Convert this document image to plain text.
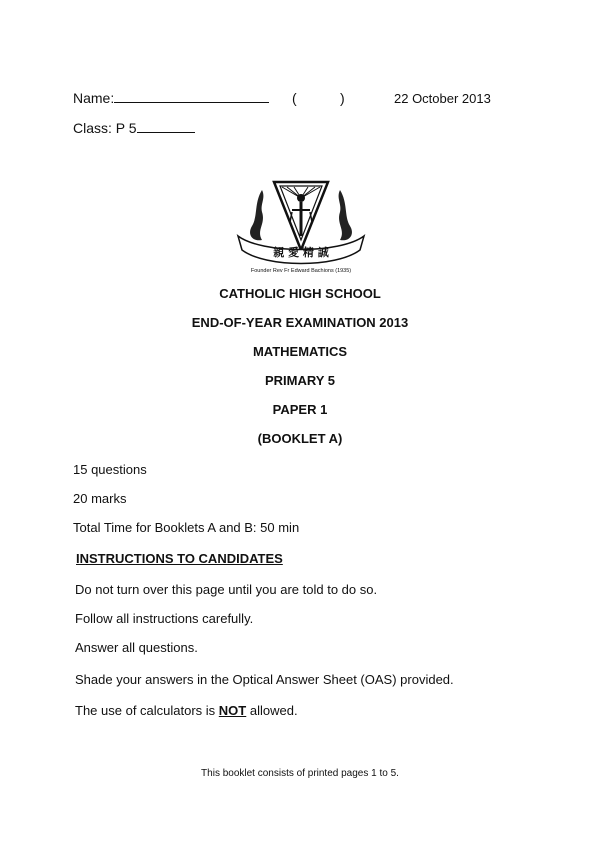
Name:	(	)	22 October 2013
Class: P 5
親 愛 精 誠
Founder Rev Fr Edward Bachions (1935)
CATHOLIC HIGH SCHOOL
END-OF-YEAR EXAMINATION 2013
MATHEMATICS
PRIMARY 5
PAPER 1
(BOOKLET A)
15 questions
20 marks
Total Time for Booklets A and B: 50 min
INSTRUCTIONS TO CANDIDATES
Do not turn over this page until you are told to do so.
Follow all instructions carefully.
Answer all questions.
Shade your answers in the Optical Answer Sheet (OAS) provided.
The use of calculators is NOT allowed.
This booklet consists of printed pages 1 to 5.
